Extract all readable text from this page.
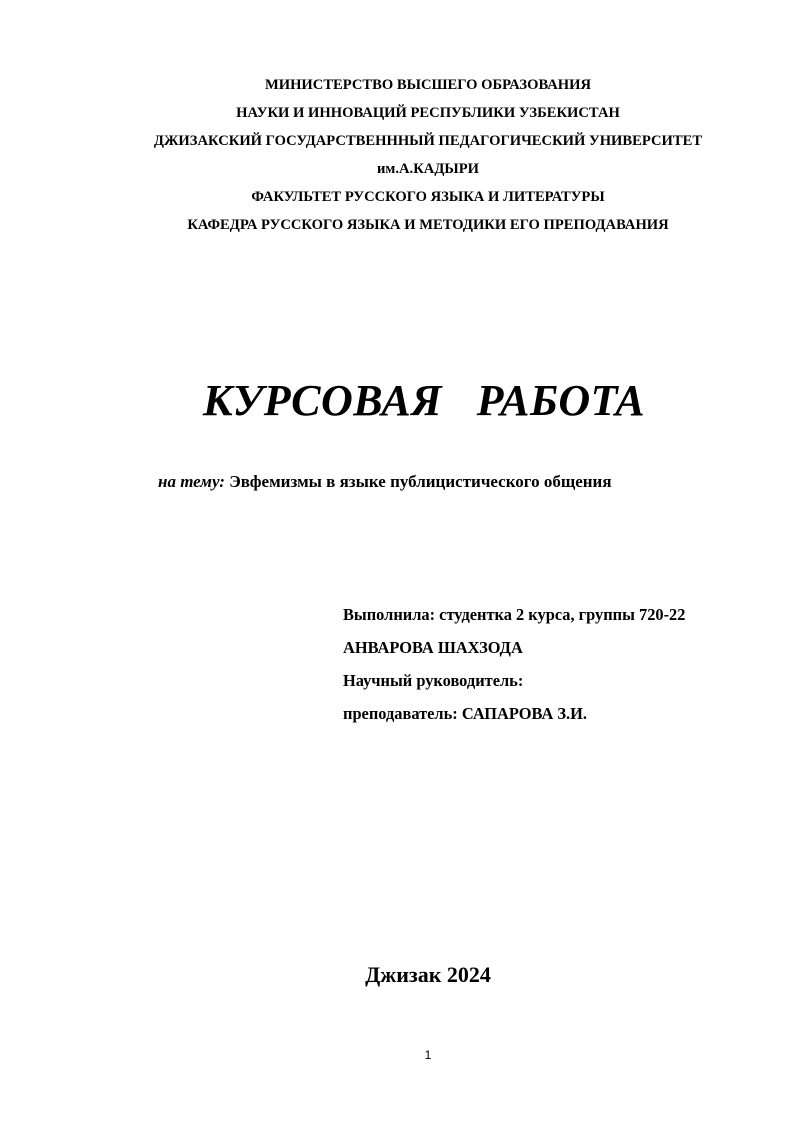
МИНИСТЕРСТВО ВЫСШЕГО ОБРАЗОВАНИЯ
НАУКИ И ИННОВАЦИЙ РЕСПУБЛИКИ УЗБЕКИСТАН
ДЖИЗАКСКИЙ ГОСУДАРСТВЕНННЫЙ ПЕДАГОГИЧЕСКИЙ УНИВЕРСИТЕТ
им.А.КАДЫРИ
ФАКУЛЬТЕТ РУССКОГО ЯЗЫКА И ЛИТЕРАТУРЫ
КАФЕДРА РУССКОГО ЯЗЫКА И МЕТОДИКИ ЕГО ПРЕПОДАВАНИЯ
КУРСОВАЯ   РАБОТА
на тему: Эвфемизмы в языке публицистического общения
Выполнила: студентка 2 курса, группы 720-22
АНВАРОВА ШАХЗОДА
Научный руководитель:
преподаватель: САПАРОВА З.И.
Джизак 2024
1
